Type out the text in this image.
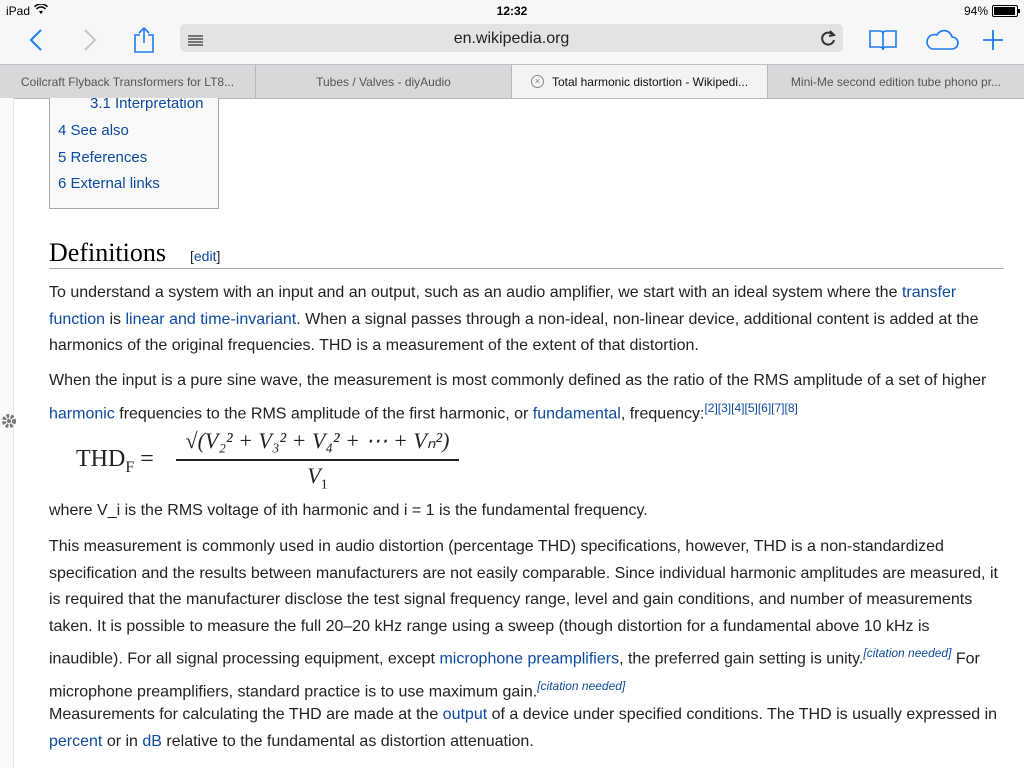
iPad	12:32	94%
en.wikipedia.org
Coilcraft Flyback Transformers for LT8...	Tubes / Valves - diyAudio	× Total harmonic distortion - Wikipedi...	Mini-Me second edition tube phono pr...
3.1 Interpretation
4 See also
5 References
6 External links
Definitions [edit]
To understand a system with an input and an output, such as an audio amplifier, we start with an ideal system where the transfer function is linear and time-invariant. When a signal passes through a non-ideal, non-linear device, additional content is added at the harmonics of the original frequencies. THD is a measurement of the extent of that distortion.
When the input is a pure sine wave, the measurement is most commonly defined as the ratio of the RMS amplitude of a set of higher harmonic frequencies to the RMS amplitude of the first harmonic, or fundamental, frequency:[2][3][4][5][6][7][8]
$THD_F$ =
√(V₂² + V₃² + V₄² + ⋯ + Vₙ²)
$V_1$
where V_i is the RMS voltage of ith harmonic and i = 1 is the fundamental frequency.
This measurement is commonly used in audio distortion (percentage THD) specifications, however, THD is a non-standardized specification and the results between manufacturers are not easily comparable. Since individual harmonic amplitudes are measured, it is required that the manufacturer disclose the test signal frequency range, level and gain conditions, and number of measurements taken. It is possible to measure the full 20–20 kHz range using a sweep (though distortion for a fundamental above 10 kHz is inaudible). For all signal processing equipment, except microphone preamplifiers, the preferred gain setting is unity.[citation needed] For microphone preamplifiers, standard practice is to use maximum gain.[citation needed]
Measurements for calculating the THD are made at the output of a device under specified conditions. The THD is usually expressed in percent or in dB relative to the fundamental as distortion attenuation.
